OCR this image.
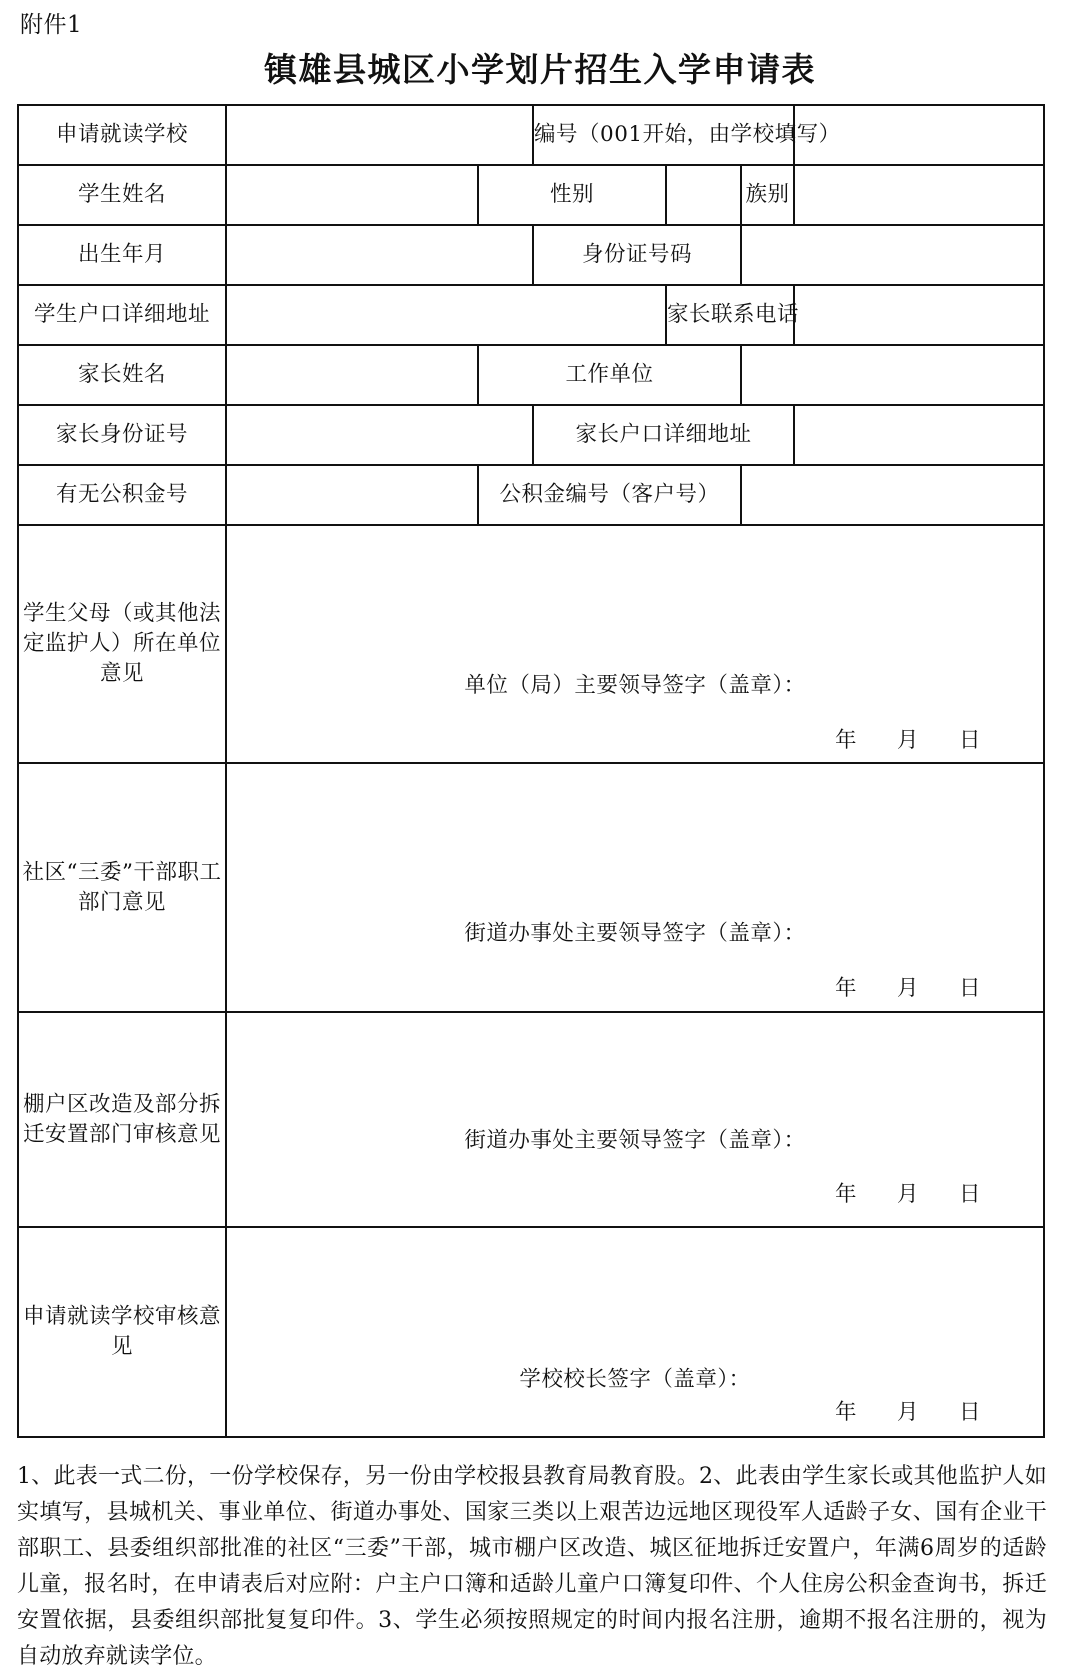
附件1
镇雄县城区小学划片招生入学申请表
申请就读学校			编号（001开始，由学校填写）			
学生姓名		性别			族别	
出生年月			身份证号码			
学生户口详细地址				家长联系电话		
家长姓名		工作单位				
家长身份证号			家长户口详细地址			
有无公积金号		公积金编号（客户号）				
学生父母（或其他法定监护人）所在单位意见	单位（局）主要领导签字（盖章）：
年 月 日					

社区“三委”干部职工部门意见	街道办事处主要领导签字（盖章）：
年 月 日					

棚户区改造及部分拆迁安置部门审核意见	街道办事处主要领导签字（盖章）：
年 月 日					

申请就读学校审核意见	学校校长签字（盖章）：
年 月 日					
1、此表一式二份，一份学校保存，另一份由学校报县教育局教育股。2、此表由学生家长或其他监护人如实填写，县城机关、事业单位、街道办事处、国家三类以上艰苦边远地区现役军人适龄子女、国有企业干部职工、县委组织部批准的社区“三委”干部，城市棚户区改造、城区征地拆迁安置户，年满6周岁的适龄儿童，报名时，在申请表后对应附：户主户口簿和适龄儿童户口簿复印件、个人住房公积金查询书，拆迁安置依据，县委组织部批复复印件。3、学生必须按照规定的时间内报名注册，逾期不报名注册的，视为自动放弃就读学位。
